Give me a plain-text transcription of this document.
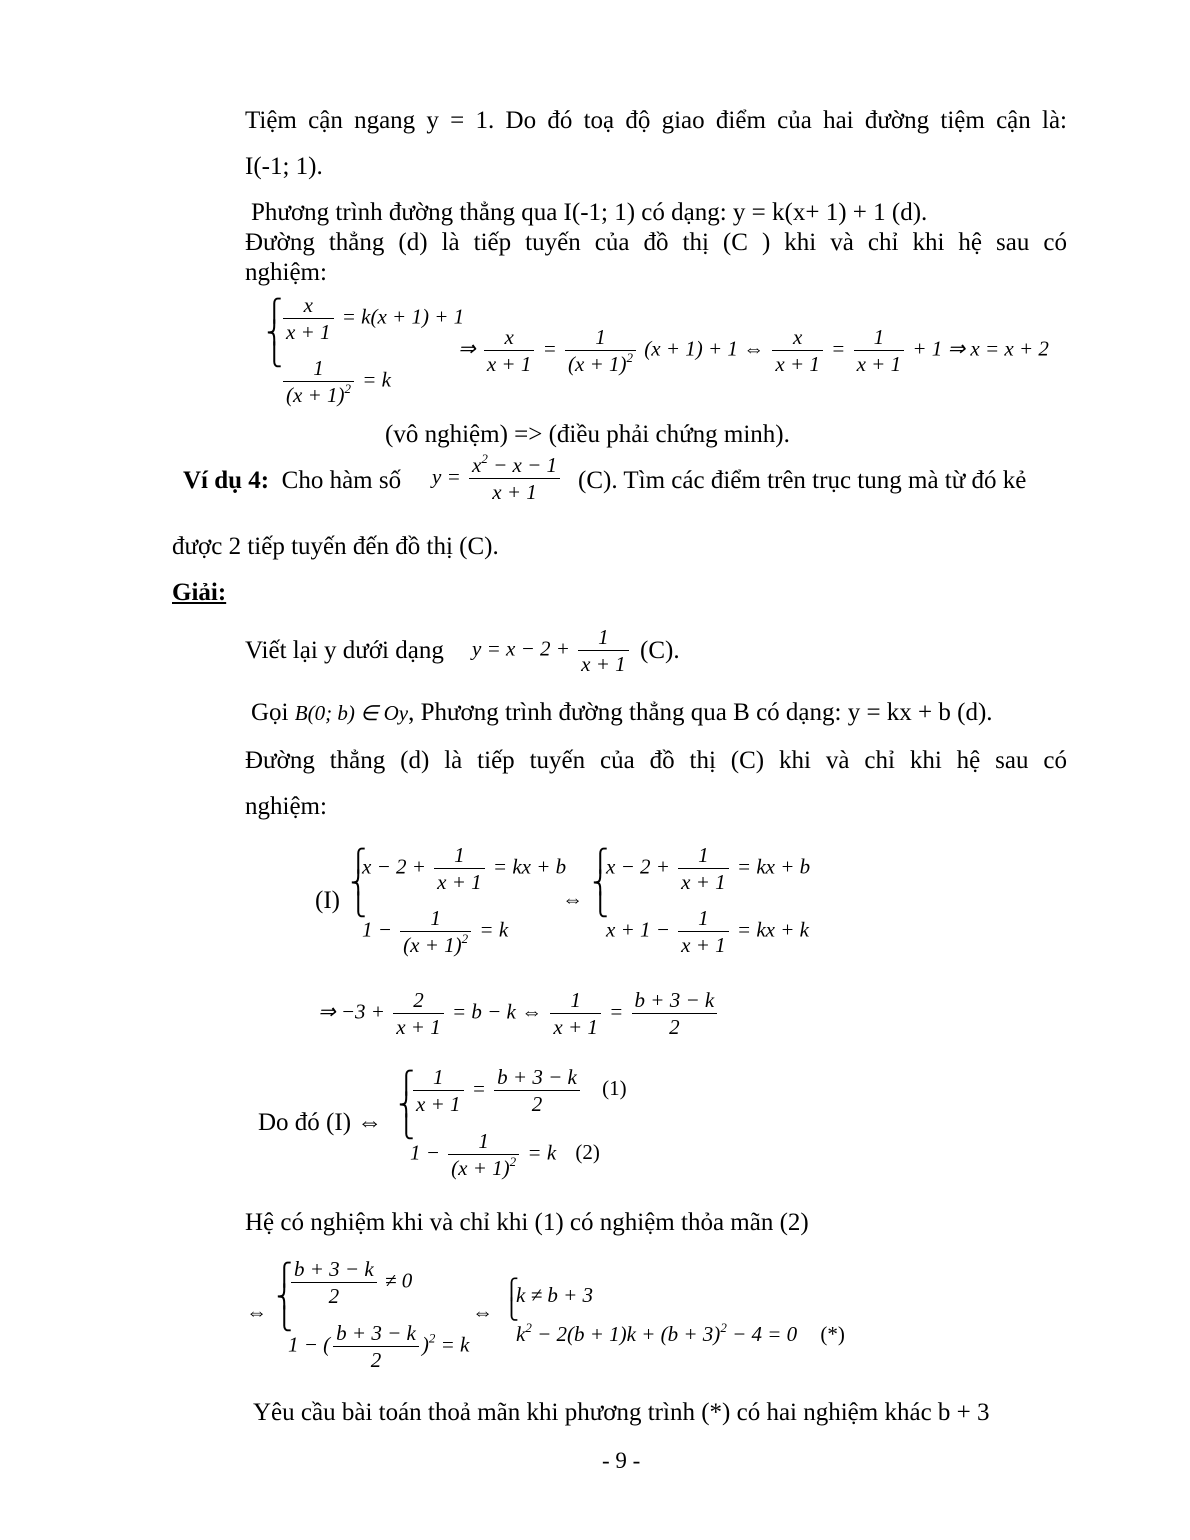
Tiệm cận ngang y = 1. Do đó toạ độ giao điểm của hai đường tiệm cận là:
I(-1; 1).
Phương trình đường thẳng qua I(-1; 1) có dạng: y = k(x+ 1) + 1 (d).
Đường thẳng (d) là tiếp tuyến của đồ thị (C ) khi và chỉ khi hệ sau có
nghiệm:
⎧
⎨
⎩
$\frac{x}{x + 1} = k(x + 1) + 1$
$\frac{1}{(x + 1)^2} = k$
⇒ $\frac{x}{x + 1} = \frac{1}{(x + 1)^2} (x + 1) + 1$ ⇔ $\frac{x}{x + 1} = \frac{1}{x + 1} + 1$ ⇒ x = x + 2
(vô nghiệm) => (điều phải chứng minh).
Ví dụ 4: Cho hàm số $y = \frac{x^2 - x - 1}{x + 1} (C)$. Tìm các điểm trên trục tung mà từ đó kẻ
được 2 tiếp tuyến đến đồ thị (C).
Giải:
Viết lại y dưới dạng $y = x - 2 + \frac{1}{x + 1} (C)$.
Gọi B(0; b) ∈ Oy, Phương trình đường thẳng qua B có dạng: y = kx + b (d).
Đường thẳng (d) là tiếp tuyến của đồ thị (C) khi và chỉ khi hệ sau có
nghiệm:
(I)
⎧
⎨
⎩
$x - 2 + \frac{1}{x + 1}$ = kx + b
$1 - \frac{1}{(x + 1)^2} = k$
⇔
⎧
⎨
⎩
$x - 2 + \frac{1}{x + 1}$ = kx + b
$x + 1 - \frac{1}{x + 1}$ = kx + k
⇒ $-3 + \frac{2}{x + 1} = b - k$ ⇔ $\frac{1}{x + 1} = \frac{b + 3 - k}{2}$
Do đó (I) ⇔
⎧
⎨
⎩
$\frac{1}{x + 1} = \frac{b + 3 - k}{2} (1)$
$1 - \frac{1}{(x + 1)^2} = k$ (2)
Hệ có nghiệm khi và chỉ khi (1) có nghiệm thỏa mãn (2)
⇔
⎧
⎨
⎩
$\frac{b + 3 - k}{2} \ne 0$
1 − ( $\frac{b + 3 - k}{2} )^2 = k$
⇔
⎧
⎩
k ≠ b + 3
$k^2 - 2(b + 1)k + (b + 3)^2 - 4 = 0$ (*)
Yêu cầu bài toán thoả mãn khi phương trình (*) có hai nghiệm khác b + 3
- 9 -
